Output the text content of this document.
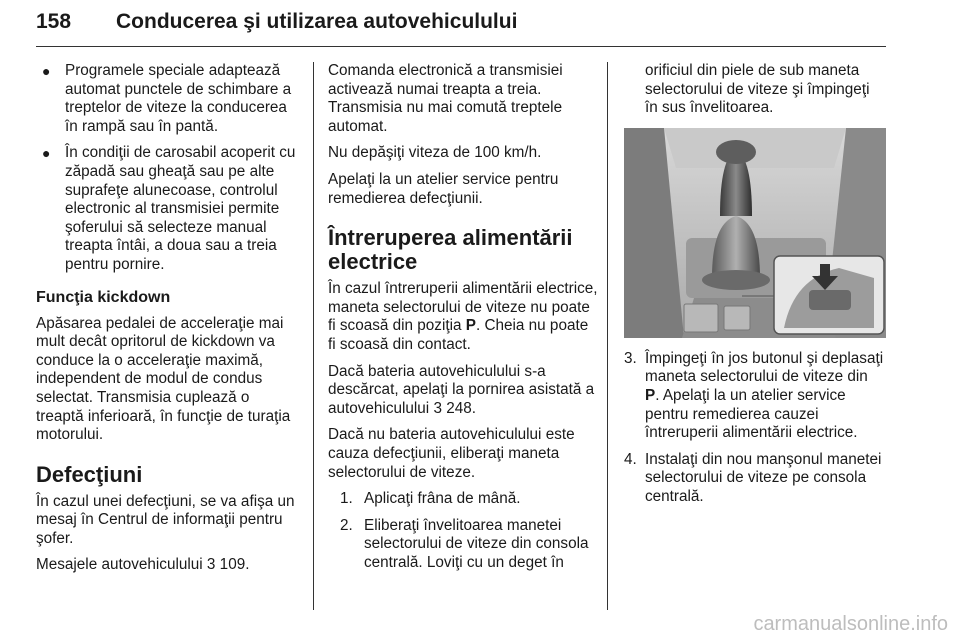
158 Conducerea şi utilizarea autovehiculului
● Programele speciale adaptează automat punctele de schimbare a treptelor de viteze la conducerea în rampă sau în pantă.
● În condiţii de carosabil acoperit cu zăpadă sau gheaţă sau pe alte suprafeţe alunecoase, controlul electronic al transmisiei permite şoferului să selecteze manual treapta întâi, a doua sau a treia pentru pornire.
Funcţia kickdown

Apăsarea pedalei de acceleraţie mai mult decât opritorul de kickdown va conduce la o acceleraţie maximă, independent de modul de condus selectat. Transmisia cuplează o treaptă inferioară, în funcţie de turaţia motorului.

Defecţiuni

În cazul unei defecţiuni, se va afişa un mesaj în Centrul de informaţii pentru şofer.

Mesajele autovehiculului 3 109.

Comanda electronică a transmisiei activează numai treapta a treia. Transmisia nu mai comută treptele automat.

Nu depăşiţi viteza de 100 km/h.

Apelaţi la un atelier service pentru remedierea defecţiunii.

Întreruperea alimentării electrice

În cazul întreruperii alimentării electrice, maneta selectorului de viteze nu poate fi scoasă din poziţia P. Cheia nu poate fi scoasă din contact.

Dacă bateria autovehiculului s-a descărcat, apelaţi la pornirea asistată a autovehiculului 3 248.

Dacă nu bateria autovehiculului este cauza defecţiunii, eliberaţi maneta selectorului de viteze.

1. Aplicaţi frâna de mână.
2. Eliberaţi învelitoarea manetei selectorului de viteze din consola centrală. Loviţi cu un deget în

orificiul din piele de sub maneta selectorului de viteze şi împingeţi în sus învelitoarea.

3. Împingeţi în jos butonul şi deplasaţi maneta selectorului de viteze din P. Apelaţi la un atelier service pentru remedierea cauzei întreruperii alimentării electrice.
4. Instalaţi din nou manşonul manetei selectorului de viteze pe consola centrală.
carmanualsonline.info
